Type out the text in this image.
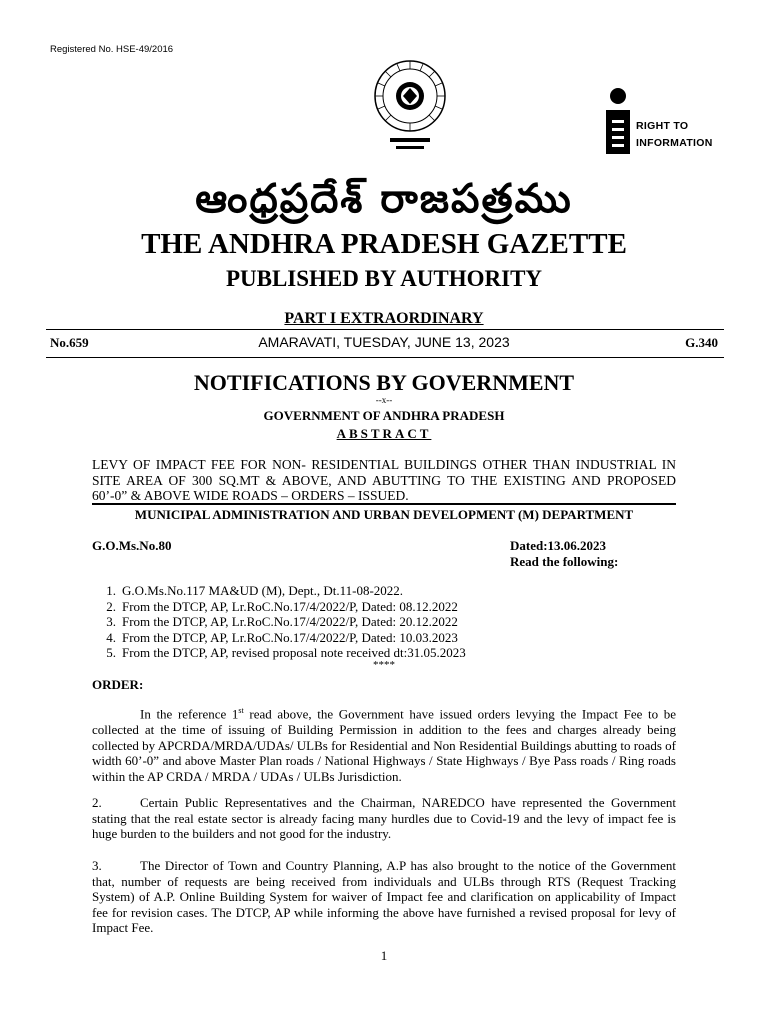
Registered No. HSE-49/2016
RIGHT TO
INFORMATION
ఆంధ్రప్రదేశ్ రాజపత్రము
THE ANDHRA PRADESH GAZETTE
PUBLISHED BY AUTHORITY
PART I EXTRAORDINARY
No.659	AMARAVATI, TUESDAY, JUNE 13, 2023	G.340
NOTIFICATIONS BY GOVERNMENT
--x--
GOVERNMENT OF ANDHRA PRADESH
ABSTRACT
LEVY OF IMPACT FEE FOR NON- RESIDENTIAL BUILDINGS OTHER THAN INDUSTRIAL IN SITE AREA OF 300 SQ.MT & ABOVE, AND ABUTTING TO THE EXISTING AND PROPOSED 60’-0” & ABOVE WIDE ROADS – ORDERS – ISSUED.
MUNICIPAL ADMINISTRATION AND URBAN DEVELOPMENT (M) DEPARTMENT
G.O.Ms.No.80	Dated:13.06.2023
Read the following:
1. G.O.Ms.No.117 MA&UD (M), Dept., Dt.11-08-2022.
2. From the DTCP, AP, Lr.RoC.No.17/4/2022/P, Dated: 08.12.2022
3. From the DTCP, AP, Lr.RoC.No.17/4/2022/P, Dated: 20.12.2022
4. From the DTCP, AP, Lr.RoC.No.17/4/2022/P, Dated: 10.03.2023
5. From the DTCP, AP, revised proposal note received dt:31.05.2023
****
ORDER:
In the reference 1st read above, the Government have issued orders levying the Impact Fee to be collected at the time of issuing of Building Permission in addition to the fees and charges already being collected by APCRDA/MRDA/UDAs/ ULBs for Residential and Non Residential Buildings abutting to roads of width 60’-0” and above Master Plan roads / National Highways / State Highways / Bye Pass roads / Ring roads within the AP CRDA / MRDA / UDAs / ULBs Jurisdiction.
2.	Certain Public Representatives and the Chairman, NAREDCO have represented the Government stating that the real estate sector is already facing many hurdles due to Covid-19 and the levy of impact fee is huge burden to the builders and not good for the industry.
3.	The Director of Town and Country Planning, A.P has also brought to the notice of the Government that, number of requests are being received from individuals and ULBs through RTS (Request Tracking System) of A.P. Online Building System for waiver of Impact fee and clarification on applicability of Impact fee for revision cases. The DTCP, AP while informing the above have furnished a revised proposal for levy of Impact Fee.
1
